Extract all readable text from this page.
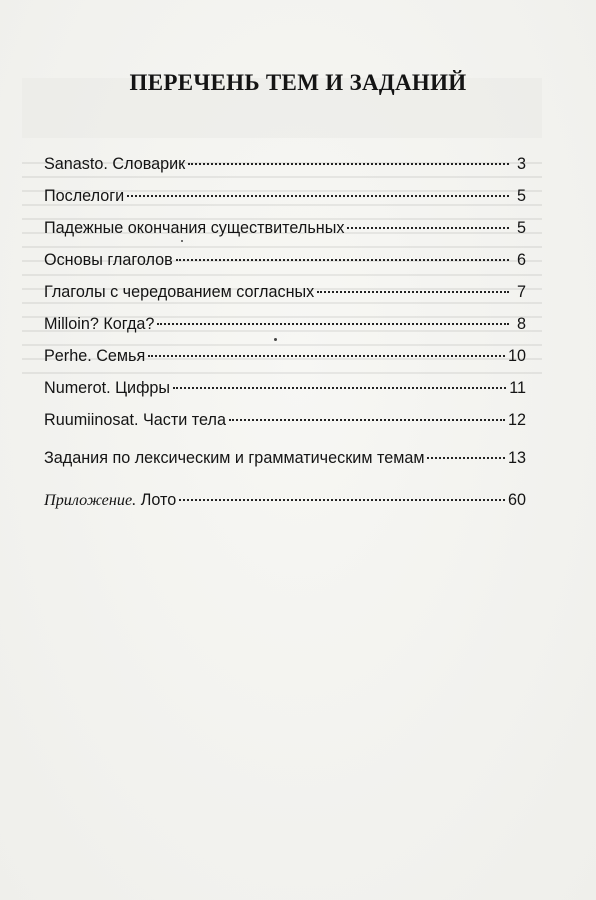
ПЕРЕЧЕНЬ ТЕМ И ЗАДАНИЙ
Sanasto. Словарик	3
Послелоги	5
Падежные окончания существительных	5
Основы глаголов	6
Глаголы с чередованием согласных	7
Milloin? Когда?	8
Perhe. Семья	10
Numerot. Цифры	11
Ruumiinosat. Части тела	12
Задания по лексическим и грамматическим темам	13
Приложение. Лото	60
